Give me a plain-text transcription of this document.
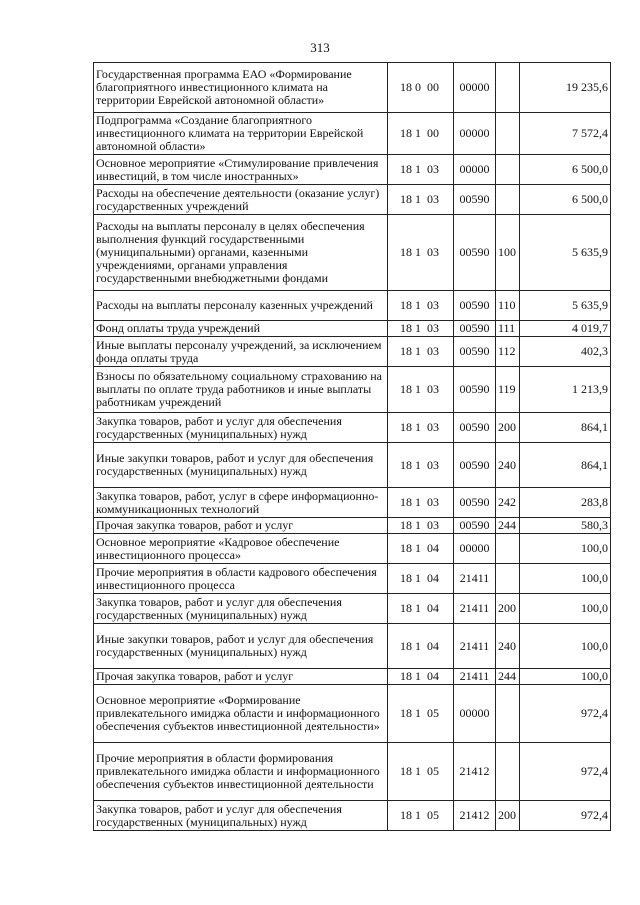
313
Государственная программа ЕАО «Формирование благоприятного инвестиционного климата на территории Еврейской автономной области»	18 0 00	00000		19 235,6
Подпрограмма «Создание благоприятного инвестиционного климата на территории Еврейской автономной области»	18 1 00	00000		7 572,4
Основное мероприятие «Стимулирование привлечения инвестиций, в том числе иностранных»	18 1 03	00000		6 500,0
Расходы на обеспечение деятельности (оказание услуг) государственных учреждений	18 1 03	00590		6 500,0
Расходы на выплаты персоналу в целях обеспечения выполнения функций государственными (муниципальными) органами, казенными учреждениями, органами управления государственными внебюджетными фондами	18 1 03	00590	100	5 635,9
Расходы на выплаты персоналу казенных учреждений	18 1 03	00590	110	5 635,9
Фонд оплаты труда учреждений	18 1 03	00590	111	4 019,7
Иные выплаты персоналу учреждений, за исключением фонда оплаты труда	18 1 03	00590	112	402,3
Взносы по обязательному социальному страхованию на выплаты по оплате труда работников и иные выплаты работникам учреждений	18 1 03	00590	119	1 213,9
Закупка товаров, работ и услуг для обеспечения государственных (муниципальных) нужд	18 1 03	00590	200	864,1
Иные закупки товаров, работ и услуг для обеспечения государственных (муниципальных) нужд	18 1 03	00590	240	864,1
Закупка товаров, работ, услуг в сфере информационно-коммуникационных технологий	18 1 03	00590	242	283,8
Прочая закупка товаров, работ и услуг	18 1 03	00590	244	580,3
Основное мероприятие «Кадровое обеспечение инвестиционного процесса»	18 1 04	00000		100,0
Прочие мероприятия в области кадрового обеспечения инвестиционного процесса	18 1 04	21411		100,0
Закупка товаров, работ и услуг для обеспечения государственных (муниципальных) нужд	18 1 04	21411	200	100,0
Иные закупки товаров, работ и услуг для обеспечения государственных (муниципальных) нужд	18 1 04	21411	240	100,0
Прочая закупка товаров, работ и услуг	18 1 04	21411	244	100,0
Основное мероприятие «Формирование привлекательного имиджа области и информационного обеспечения субъектов инвестиционной деятельности»	18 1 05	00000		972,4
Прочие мероприятия в области формирования привлекательного имиджа области и информационного обеспечения субъектов инвестиционной деятельности	18 1 05	21412		972,4
Закупка товаров, работ и услуг для обеспечения государственных (муниципальных) нужд	18 1 05	21412	200	972,4
